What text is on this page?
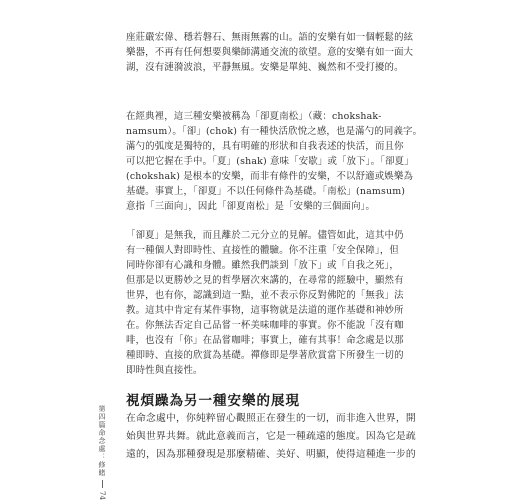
座莊嚴宏偉、穩若磐石、無雨無霧的山。語的安樂有如一個輕鬆的絃
樂器，不再有任何想要與樂師溝通交流的欲望。意的安樂有如一面大
湖，沒有漣漪波浪，平靜無風。安樂是單純、巍然和不受打擾的。

在經典裡，這三種安樂被稱為「卻夏南松」（藏：chokshak-
namsum）。「卻」(chok) 有一種快活欣悅之感，也是滿勺的同義字。
滿勺的弧度是獨特的，具有明確的形狀和自我表述的快活，而且你
可以把它握在手中。「夏」(shak) 意味「安歇」或「放下」。「卻夏」
(chokshak) 是根本的安樂，而非有條件的安樂，不以舒適或娛樂為
基礎。事實上，「卻夏」不以任何條件為基礎。「南松」(namsum)
意指「三面向」，因此「卻夏南松」是「安樂的三個面向」。

「卻夏」是無我，而且離於二元分立的見解。儘管如此，這其中仍
有一種個人對即時性、直接性的體驗。你不注重「安全保障」，但
同時你卻有心識和身體。雖然我們談到「放下」或「自我之死」，
但那是以更勝妙之見的哲學層次來講的，在尋常的經驗中，顯然有
世界，也有你，認識到這一點，並不表示你反對佛陀的「無我」法
教。這其中肯定有某件事物，這事物就是法道的運作基礎和神妙所
在。你無法否定自己品嘗一杯美味咖啡的事實。你不能說「沒有咖
啡，也沒有「你」在品嘗咖啡；事實上，確有其事！命念處是以那
種即時、直接的欣賞為基礎。禪修即是學著欣賞當下所發生一切的
即時性與直接性。

視煩躁為另一種安樂的展現
在命念處中，你純粹留心觀照正在發生的一切，而非進入世界，開
始與世界共舞。就此意義而言，它是一種疏遠的態度。因為它是疏
遠的，因為那種發現是那麼精確、美好、明顯，使得這種進一步的
第四篇
命念處：修睹
74
